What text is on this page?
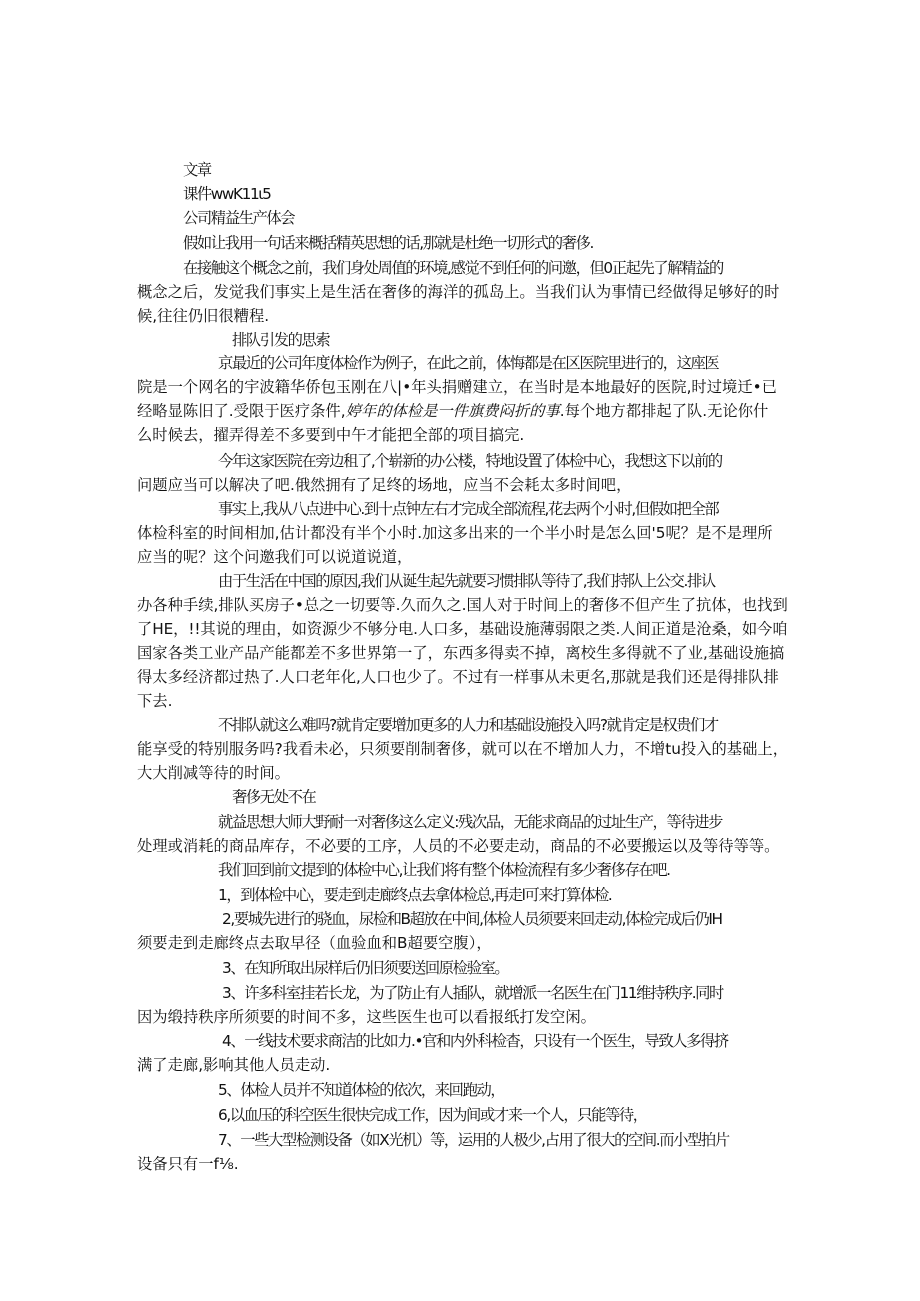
文章
课件wwK11ι5
公司精益生产体会
假如让我用一句话来概括精英思想的话,那就是杜绝一切形式的奢侈.
在接触这个概念之前，我们身处周值的环境,感觉不到任何的问邀，但0正起先了解精益的
概念之后，发觉我们事实上是生活在奢侈的海洋的孤岛上。当我们认为事情已经做得足够好的时
候,往往仍旧很糟程.
排队引发的思索
京最近的公司年度体检作为例子，在此之前，体悔都是在区医院里进行的，这座医
院是一个网名的宇波籍华侨包玉刚在八|•年头捐赠建立，在当时是本地最好的医院,时过境迁•已
经略显陈旧了.受限于医疗条件,婷年的体检是一件旗费闷折的事.每个地方都排起了队.无论你什
么时候去，擢弄得差不多要到中午才能把全部的项目搞完.
今年这家医院在旁边租了,个崭新的办公楼，特地设置了体检中心，我想这下以前的
问题应当可以解决了吧.俄然拥有了足终的场地，应当不会耗太多时间吧，
事实上,我从八点进中心.到十点钟左右才完成全部流程,花去两个小时,但假如把全部
体检科室的时间相加,估计都没有半个小时.加这多出来的一个半小时是怎么回'5呢？是不是理所
应当的呢？这个问邀我们可以说道说道，
由于生活在中国的原因,我们从诞生起先就要习惯排队等待了,我们持队上公交.排认
办各种手续,排队买房子•总之一切要等.久而久之.国人对于时间上的奢侈不但产生了抗体，也找到
了HE，!!其说的理由，如资源少不够分电.人口多，基础设施薄弱限之类.人间正道是沧桑，如今咱
国家各类工业产品产能都差不多世界第一了，东西多得卖不掉，离校生多得就不了业,基础设施搞
得太多经济都过热了.人口老年化,人口也少了。不过有一样事从未更名,那就是我们还是得排队排
下去.
不排队就这么难吗?就肯定要增加更多的人力和基础设施投入吗?就肯定是权贵们才
能享受的特别服务吗?我看未必，只须要削制奢侈，就可以在不增加人力，不增tu投入的基础上，
大大削减等待的时间。
奢侈无处不在
就益思想大师大野耐一对奢侈这么定义:残次品，无能求商品的过址生产，等待进步
处理或消耗的商品库存，不必要的工序，人员的不必要走动，商品的不必要搬运以及等待等等。
我们回到前文提到的体检中心,让我们将有整个体检流程有多少奢侈存在吧.
1，到体检中心，要走到走廊终点去拿体检总,再走l可来打算体检.
2,要城先进行的骁血，尿检和B超放在中间,体检人员须要来回走动,体检完成后仍IH
须要走到走廊终点去取早径（血验血和B超要空腹），
3、在知所取出尿样后仍旧须要送回原检验室。
3、许多科室挂若长龙，为了防止有人插队，就增派一名医生在门11维持秩序.同时
因为缎持秩序所须要的时间不多，这些医生也可以看报纸打发空闲。
4、一线技术要求商洁的比如力.•官和内外科检杳，只设有一个医生，导致人多得挤
满了走廊,影响其他人员走动.
5、体检人员并不知道体检的依次，来回跑动，
6,以血压的科空医生很快完成工作，因为间或才来一个人，只能等待，
7、一些大型检测设备（如X光机）等，运用的人极少,占用了很大的空间.而小型拍片
设备只有一f⅛.
